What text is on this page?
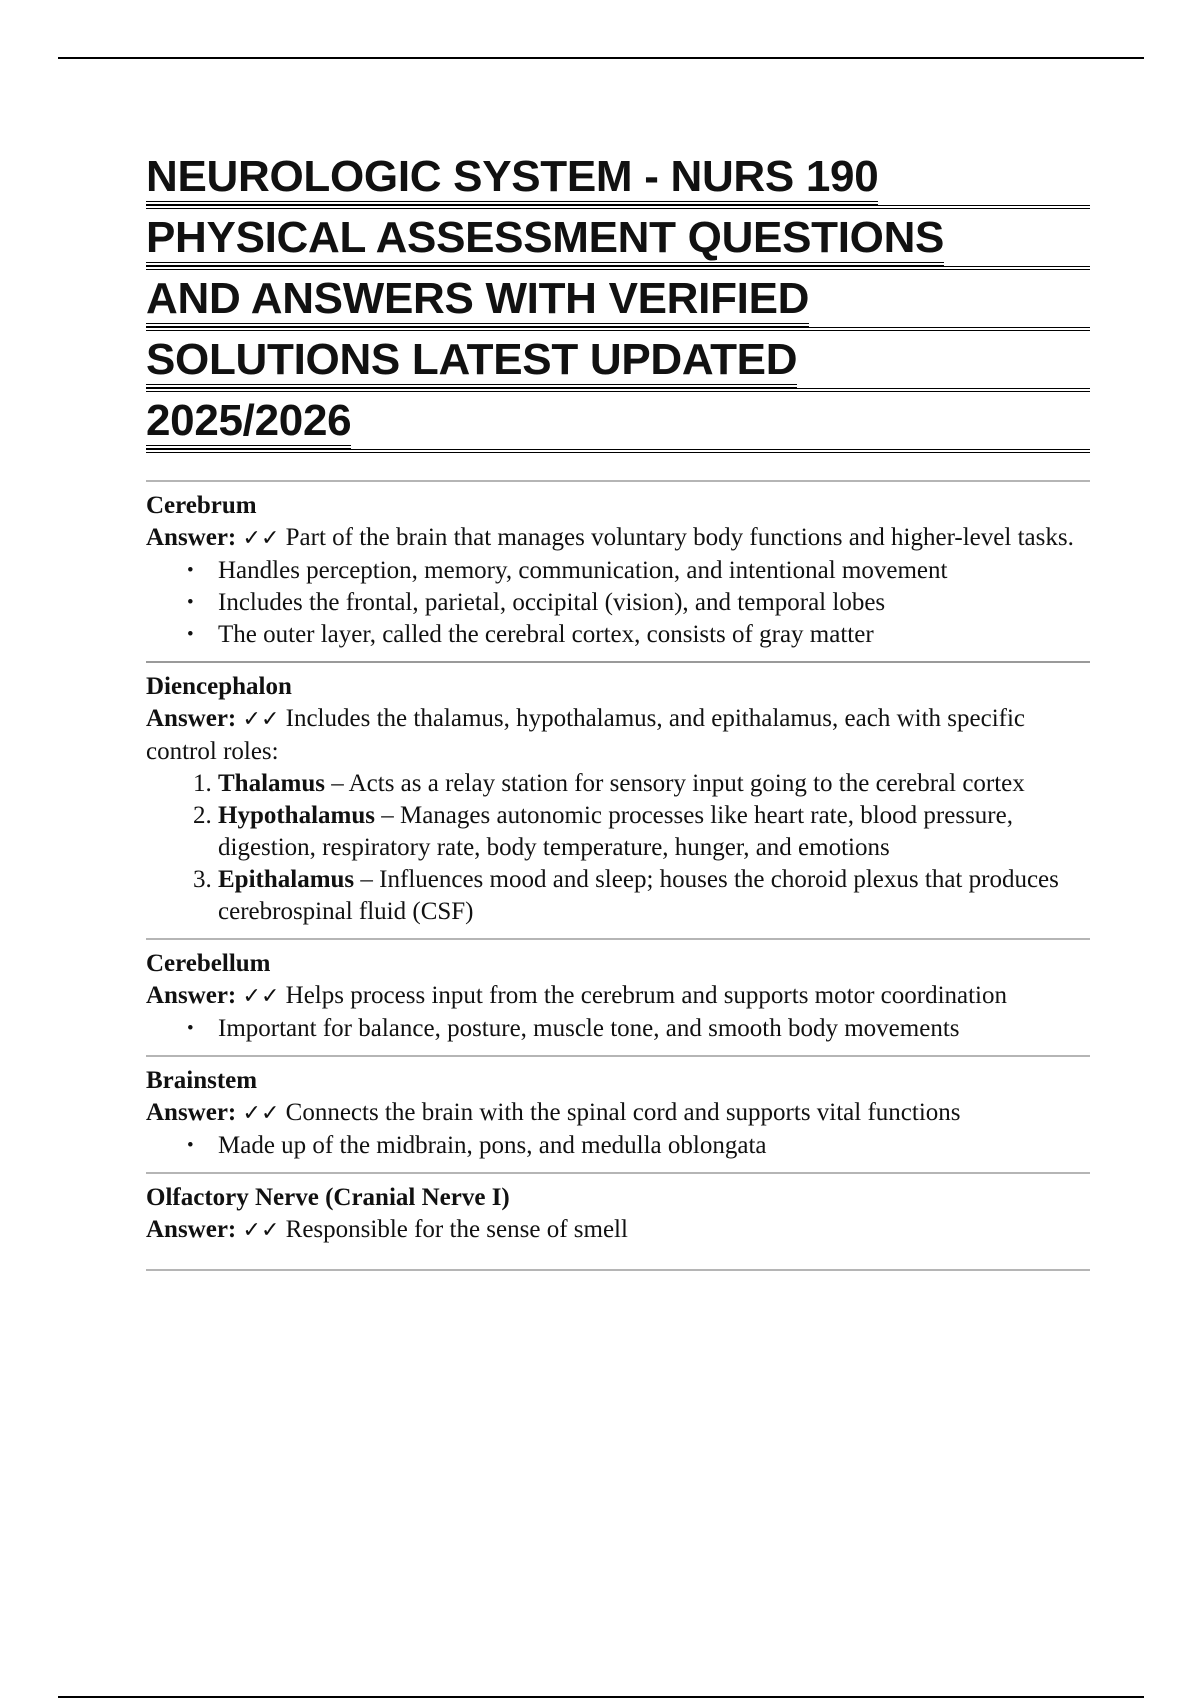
NEUROLOGIC SYSTEM - NURS 190
PHYSICAL ASSESSMENT QUESTIONS
AND ANSWERS WITH VERIFIED
SOLUTIONS LATEST UPDATED
2025/2026
Cerebrum
Answer: ✓✓ Part of the brain that manages voluntary body functions and higher-level tasks.
• Handles perception, memory, communication, and intentional movement
• Includes the frontal, parietal, occipital (vision), and temporal lobes
• The outer layer, called the cerebral cortex, consists of gray matter
Diencephalon
Answer: ✓✓ Includes the thalamus, hypothalamus, and epithalamus, each with specific control roles:
1. Thalamus – Acts as a relay station for sensory input going to the cerebral cortex
2. Hypothalamus – Manages autonomic processes like heart rate, blood pressure, digestion, respiratory rate, body temperature, hunger, and emotions
3. Epithalamus – Influences mood and sleep; houses the choroid plexus that produces cerebrospinal fluid (CSF)
Cerebellum
Answer: ✓✓ Helps process input from the cerebrum and supports motor coordination
• Important for balance, posture, muscle tone, and smooth body movements
Brainstem
Answer: ✓✓ Connects the brain with the spinal cord and supports vital functions
• Made up of the midbrain, pons, and medulla oblongata
Olfactory Nerve (Cranial Nerve I)
Answer: ✓✓ Responsible for the sense of smell
